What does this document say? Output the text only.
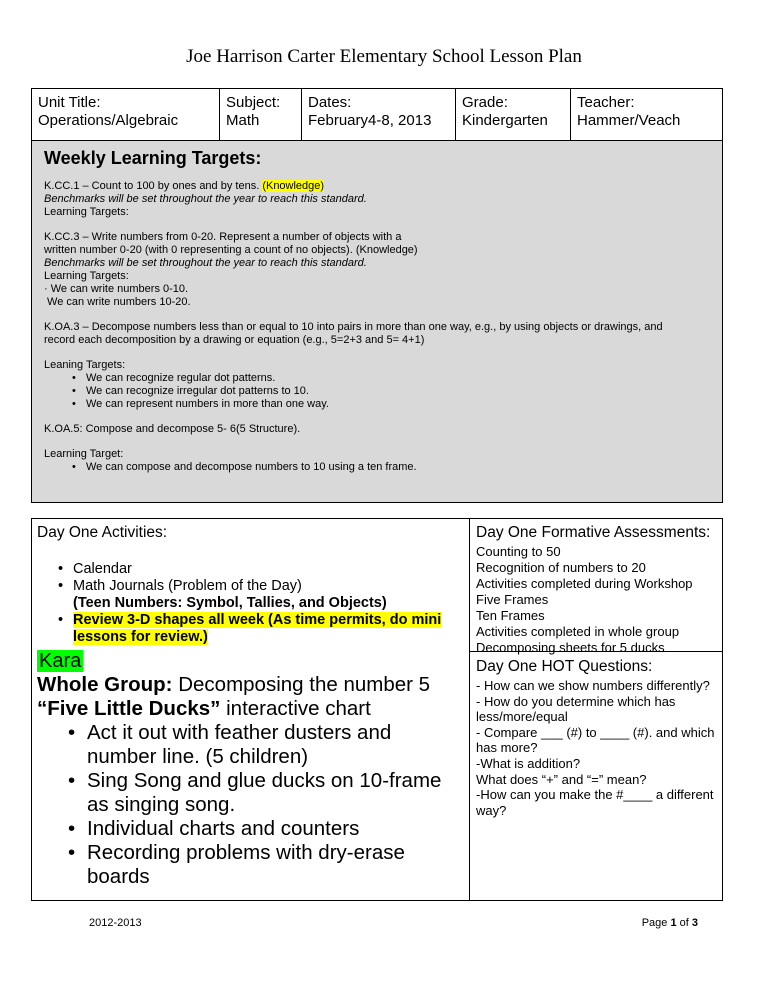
Joe Harrison Carter Elementary School Lesson Plan
Unit Title:
Operations/Algebraic

Subject:
Math

Dates:
February4-8, 2013

Grade:
Kindergarten

Teacher:
Hammer/Veach
Weekly Learning Targets:

K.CC.1 – Count to 100 by ones and by tens. (Knowledge)

Benchmarks will be set throughout the year to reach this standard.

Learning Targets:

K.CC.3 – Write numbers from 0-20. Represent a number of objects with a

written number 0-20 (with 0 representing a count of no objects). (Knowledge)

Benchmarks will be set throughout the year to reach this standard.

Learning Targets:

· We can write numbers 0-10.

We can write numbers 10-20.

K.OA.3 – Decompose numbers less than or equal to 10 into pairs in more than one way, e.g., by using objects or drawings, and record each decomposition by a drawing or equation (e.g., 5=2+3 and 5= 4+1)

Leaning Targets:

• We can recognize regular dot patterns.
• We can recognize irregular dot patterns to 10.
• We can represent numbers in more than one way.

K.OA.5: Compose and decompose 5- 6(5 Structure).

Learning Target:

• We can compose and decompose numbers to 10 using a ten frame.
Day One Activities:
• Calendar
• Math Journals (Problem of the Day)
(Teen Numbers: Symbol, Tallies, and Objects)
• Review 3-D shapes all week (As time permits, do mini lessons for review.)
Kara
Whole Group: Decomposing the number 5
“Five Little Ducks” interactive chart
• Act it out with feather dusters and number line. (5 children)
• Sing Song and glue ducks on 10-frame as singing song.
• Individual charts and counters
• Recording problems with dry-erase boards
Day One Formative Assessments:
Counting to 50
Recognition of numbers to 20
Activities completed during Workshop
Five Frames
Ten Frames
Activities completed in whole group
Decomposing sheets for 5 ducks
Day One HOT Questions:
- How can we show numbers differently?
- How do you determine which has less/more/equal
- Compare ___ (#) to ____ (#). and which has more?
-What is addition?
What does “+” and “=” mean?
-How can you make the #____ a different way?
2012-2013	Page 1 of 3
